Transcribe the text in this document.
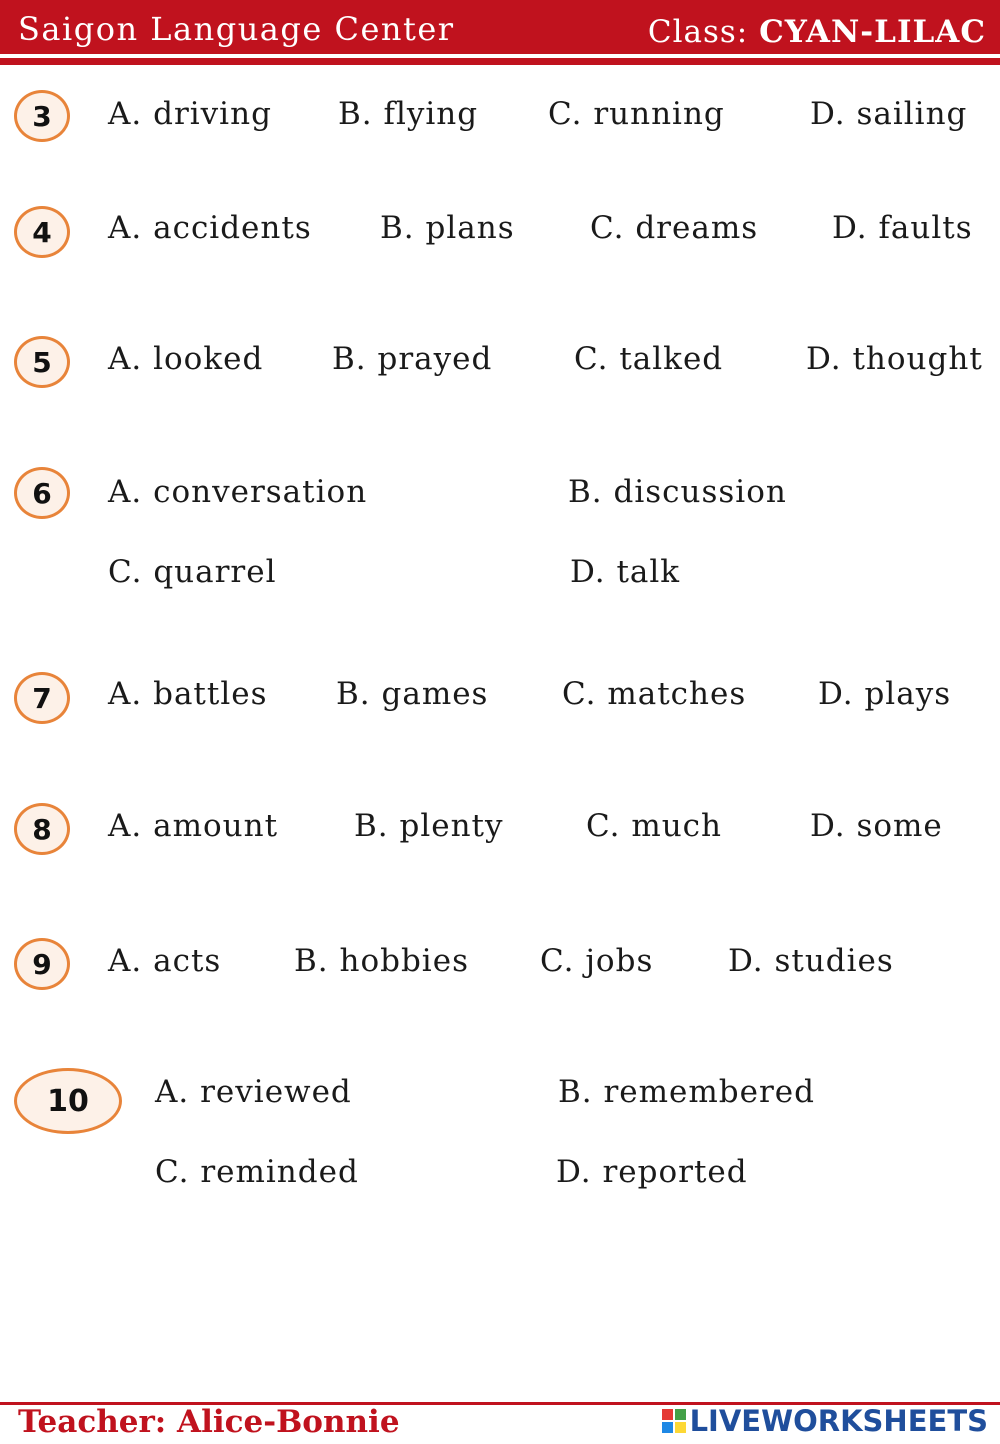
Saigon Language Center	Class: CYAN-LILAC
3	A. driving B. flying C. running	D. sailing
4	A. accidents B. plans C. dreams D. faults
5	A. looked B. prayed	C. talked	D. thought
6	A. conversation	B. discussion
C. quarrel	D. talk
7	A. battles B. games C. matches D. plays
8	A. amount B. plenty	C. much	D. some
9	A. acts B. hobbies C. jobs D. studies
10	A. reviewed	B. remembered
C. reminded	D. reported
Teacher: Alice-Bonnie	LIVEWORKSHEETS
